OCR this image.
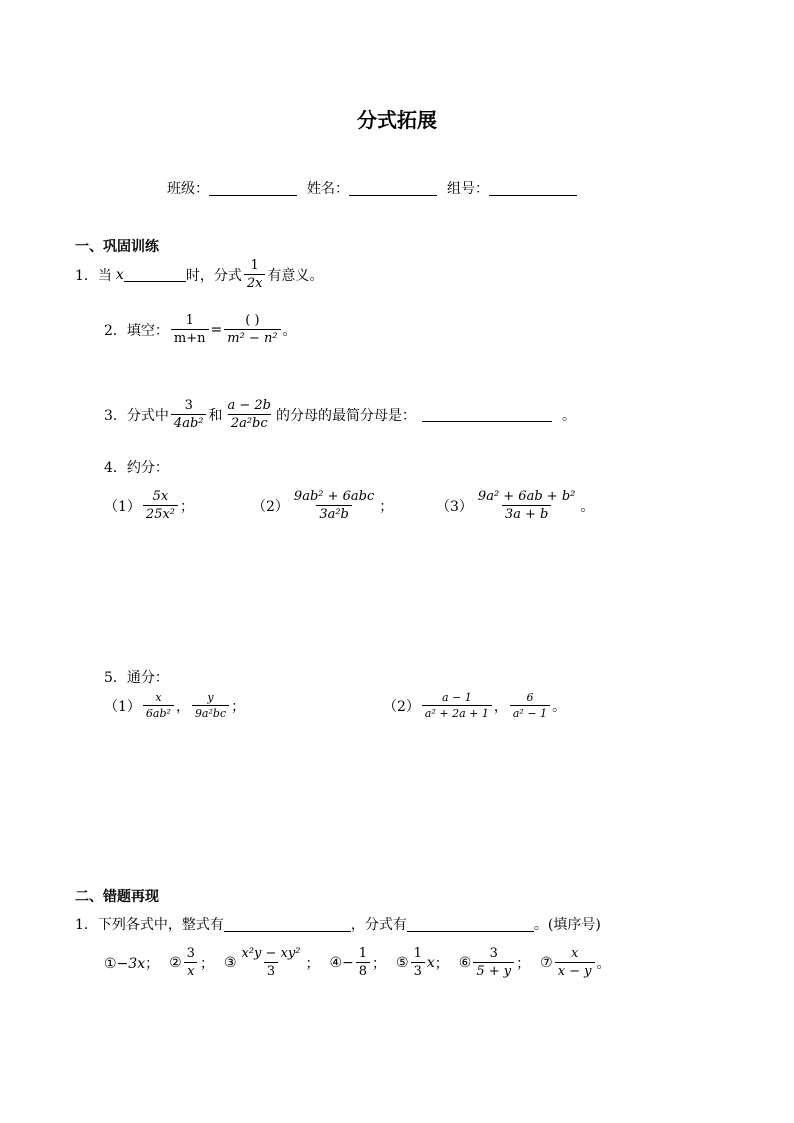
分式拓展
班级：	姓名：	组号：
一、巩固训练
1．当 x	时，分式 $\frac{1}{2x}$ 有意义。
2．填空： $\frac{1}{m+n} = \frac{( )}{\text{m² − n²}}$ 。
3．分式中 $\frac{3}{\text{4ab²}}$ 和 $\frac{a - 2b}{\text{2a²bc}}$ 的分母的最简分母是：	。
4．约分：
$(1) \frac{5x}{\text{25x²}}$ ；	$(2) \frac{\text{9ab² + 6abc}}{\text{3a²b}}$ ；	$(3) \frac{\text{9a² + 6ab + b²}}{3a + b}$ 。
5．通分：
$(1) \frac{x}{\text{6ab²}}$ ， $\frac{y}{\text{9a²bc}}$ ；	$(2) \frac{a - 1}{\text{a² + 2a + 1}}$ ， $\frac{6}{\text{a² − 1}}$ 。
二、错题再现
1．下列各式中，整式有	，分式有	。(填序号)
①−3x； ② $\frac{3}{x}$ ； ③ $\frac{\text{x²y − xy²}}{3}$ ； ④ − $\frac{1}{8}$ ； ⑤ $\frac{1}{3}$ x ； ⑥ $\frac{3}{5 + y}$ ； ⑦ $\frac{x}{x - y}$ 。
